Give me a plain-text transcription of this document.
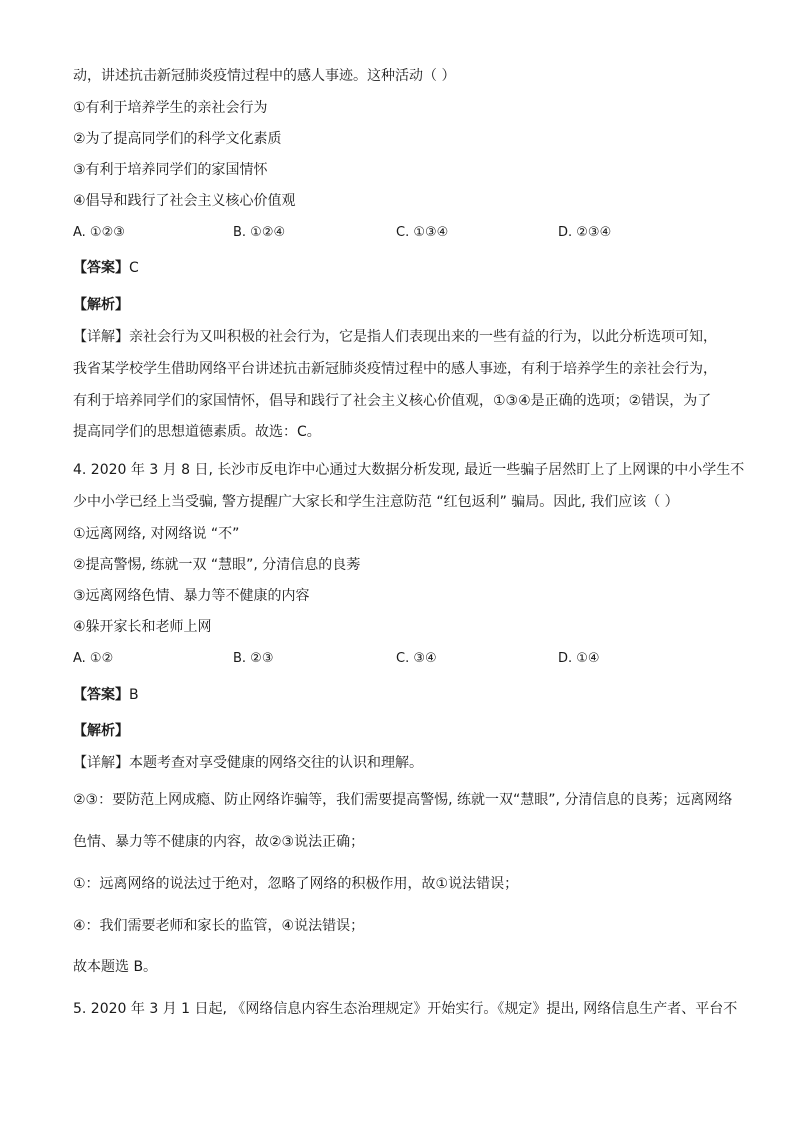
动，讲述抗击新冠肺炎疫情过程中的感人事迹。这种活动（ ）
①有利于培养学生的亲社会行为
②为了提高同学们的科学文化素质
③有利于培养同学们的家国情怀
④倡导和践行了社会主义核心价值观
A. ①②③	B. ①②④	C. ①③④	D. ②③④
【答案】C
【解析】
【详解】亲社会行为又叫积极的社会行为，它是指人们表现出来的一些有益的行为，以此分析选项可知，
我省某学校学生借助网络平台讲述抗击新冠肺炎疫情过程中的感人事迹，有利于培养学生的亲社会行为，
有利于培养同学们的家国情怀，倡导和践行了社会主义核心价值观，①③④是正确的选项；②错误，为了
提高同学们的思想道德素质。故选：C。
4. 2020 年 3 月 8 日, 长沙市反电诈中心通过大数据分析发现, 最近一些骗子居然盯上了上网课的中小学生不
少中小学已经上当受骗, 警方提醒广大家长和学生注意防范 “红包返利” 骗局。因此, 我们应该（ ）
①远离网络, 对网络说 “不”
②提高警惕, 练就一双 “慧眼”, 分清信息的良莠
③远离网络色情、暴力等不健康的内容
④躲开家长和老师上网
A. ①②	B. ②③	C. ③④	D. ①④
【答案】B
【解析】
【详解】本题考查对享受健康的网络交往的认识和理解。
②③：要防范上网成瘾、防止网络诈骗等，我们需要提高警惕, 练就一双“慧眼”, 分清信息的良莠；远离网络
色情、暴力等不健康的内容，故②③说法正确；
①：远离网络的说法过于绝对，忽略了网络的积极作用，故①说法错误；
④：我们需要老师和家长的监管，④说法错误；
故本题选 B。
5. 2020 年 3 月 1 日起, 《网络信息内容生态治理规定》开始实行。《规定》提出, 网络信息生产者、平台不
